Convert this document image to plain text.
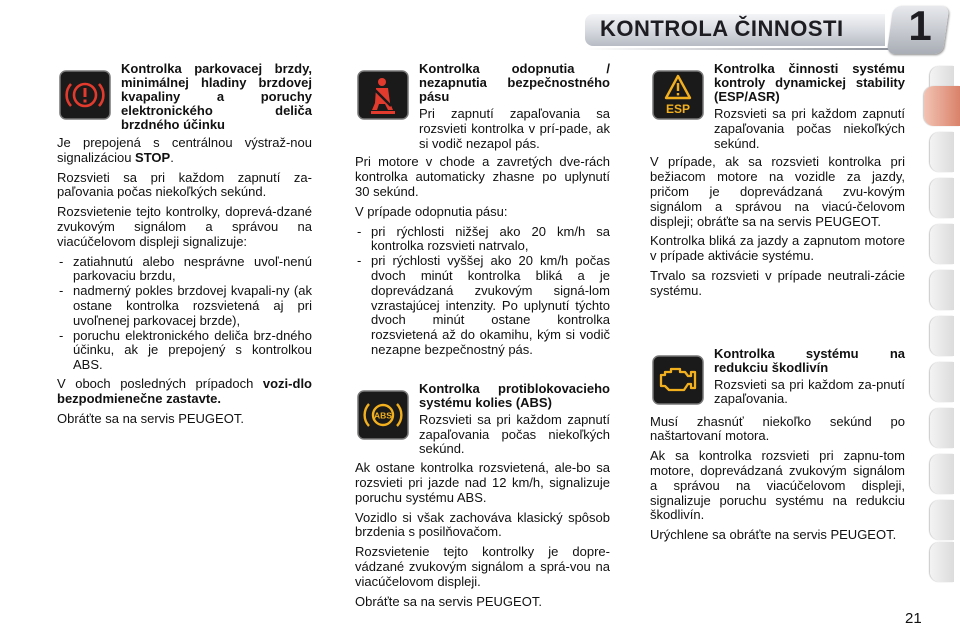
KONTROLA ČINNOSTI 1

Kontrolka parkovacej brzdy, minimálnej hladiny brzdovej kvapaliny a poruchy elektronického deliča brzdného účinku

Je prepojená s centrálnou výstraž-nou signalizáciou STOP.

Rozsvieti sa pri každom zapnutí za-paľovania počas niekoľkých sekúnd.

Rozsvietenie tejto kontrolky, doprevá-dzané zvukovým signálom a správou na viacúčelovom displeji signalizuje:

- zatiahnutú alebo nesprávne uvoľ-nenú parkovaciu brzdu,
- nadmerný pokles brzdovej kvapali-ny (ak ostane kontrolka rozsvietená aj pri uvoľnenej parkovacej brzde),
- poruchu elektronického deliča brz-dného účinku, ak je prepojený s kontrolkou ABS.

V oboch posledných prípadoch vozi-dlo bezpodmienečne zastavte.

Obráťte sa na servis PEUGEOT.

Kontrolka odopnutia / nezapnutia bezpečnostného pásu

Pri zapnutí zapaľovania sa rozsvieti kontrolka v prí-pade, ak si vodič nezapol pás.

Pri motore v chode a zavretých dve-rách kontrolka automaticky zhasne po uplynutí 30 sekúnd.

V prípade odopnutia pásu:

- pri rýchlosti nižšej ako 20 km/h sa kontrolka rozsvieti natrvalo,
- pri rýchlosti vyššej ako 20 km/h počas dvoch minút kontrolka bliká a je doprevádzaná zvukovým signá-lom vzrastajúcej intenzity. Po uplynutí týchto dvoch minút ostane kontrolka rozsvietená až do okamihu, kým si vodič nezapne bezpečnostný pás.
ABS

Kontrolka protiblokovacieho systému kolies (ABS)

Rozsvieti sa pri každom zapnutí zapaľovania počas niekoľkých sekúnd.

Ak ostane kontrolka rozsvietená, ale-bo sa rozsvieti pri jazde nad 12 km/h, signalizuje poruchu systému ABS.

Vozidlo si však zachováva klasický spôsob brzdenia s posilňovačom.

Rozsvietenie tejto kontrolky je dopre-vádzané zvukovým signálom a sprá-vou na viacúčelovom displeji.

Obráťte sa na servis PEUGEOT.

ESP

Kontrolka činnosti systému kontroly dynamickej stability (ESP/ASR)

Rozsvieti sa pri každom zapnutí zapaľovania počas niekoľkých sekúnd.

V prípade, ak sa rozsvieti kontrolka pri bežiacom motore na vozidle za jazdy, pričom je doprevádzaná zvu-kovým signálom a správou na viacú-čelovom displeji; obráťte sa na servis PEUGEOT.

Kontrolka bliká za jazdy a zapnutom motore v prípade aktivácie systému.

Trvalo sa rozsvieti v prípade neutrali-zácie systému.

Kontrolka systému na redukciu škodlivín

Rozsvieti sa pri každom za-pnutí zapaľovania.

Musí zhasnúť niekoľko sekúnd po naštartovaní motora.

Ak sa kontrolka rozsvieti pri zapnu-tom motore, doprevádzaná zvukovým signálom a správou na viacúčelovom displeji, signalizuje poruchu systému na redukciu škodlivín.

Urýchlene sa obráťte na servis PEUGEOT.

21
